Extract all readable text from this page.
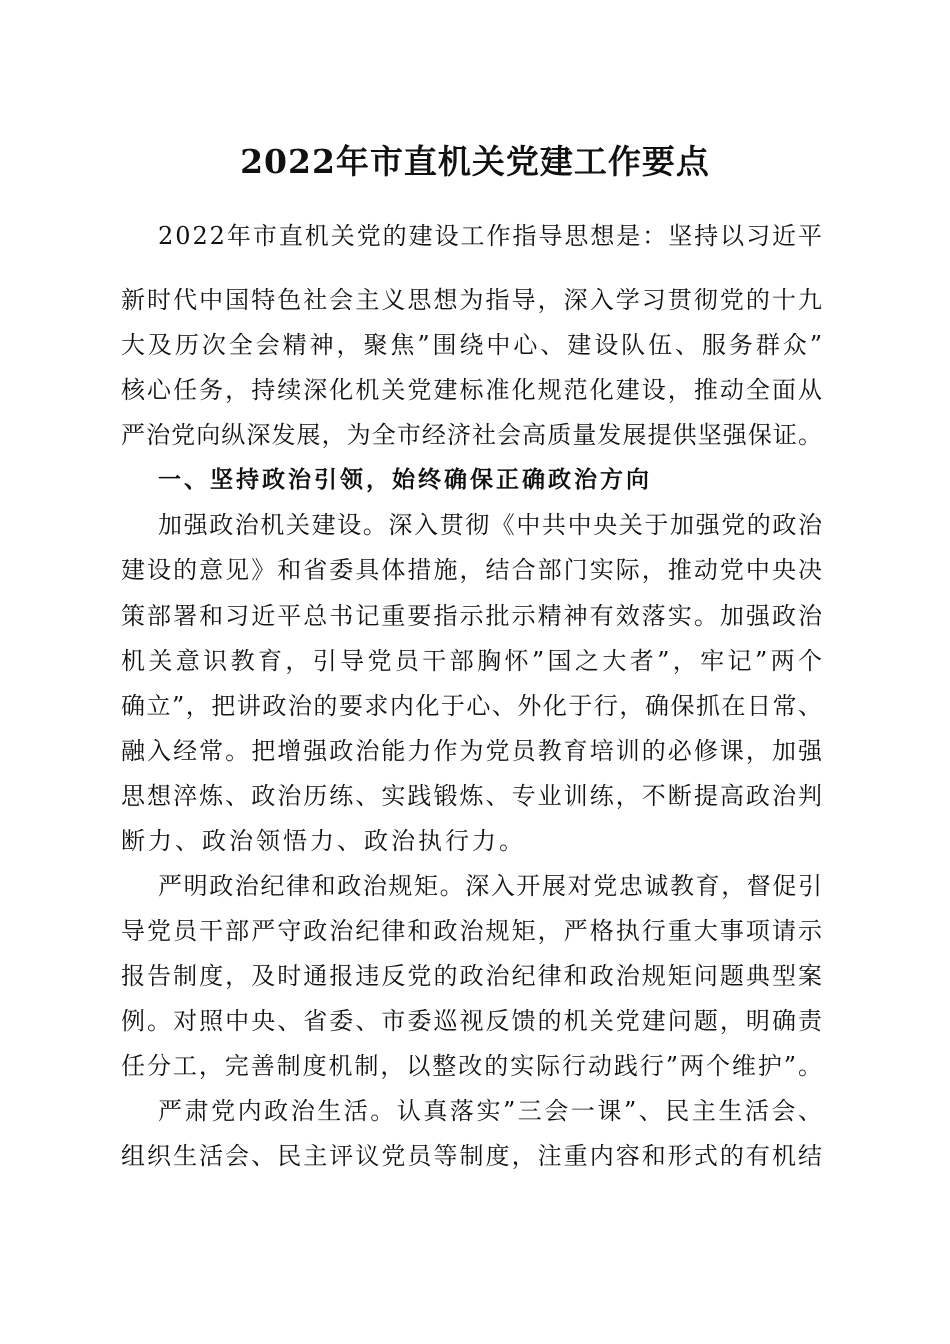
2022年市直机关党建工作要点

2022年市直机关党的建设工作指导思想是：坚持以习近平

新时代中国特色社会主义思想为指导，深入学习贯彻党的十九

大及历次全会精神，聚焦”围绕中心、建设队伍、服务群众”

核心任务，持续深化机关党建标准化规范化建设，推动全面从

严治党向纵深发展，为全市经济社会高质量发展提供坚强保证。

一、坚持政治引领，始终确保正确政治方向

加强政治机关建设。深入贯彻《中共中央关于加强党的政治

建设的意见》和省委具体措施，结合部门实际，推动党中央决

策部署和习近平总书记重要指示批示精神有效落实。加强政治

机关意识教育，引导党员干部胸怀”国之大者”，牢记”两个

确立”，把讲政治的要求内化于心、外化于行，确保抓在日常、

融入经常。把增强政治能力作为党员教育培训的必修课，加强

思想淬炼、政治历练、实践锻炼、专业训练，不断提高政治判

断力、政治领悟力、政治执行力。

严明政治纪律和政治规矩。深入开展对党忠诚教育，督促引

导党员干部严守政治纪律和政治规矩，严格执行重大事项请示

报告制度，及时通报违反党的政治纪律和政治规矩问题典型案

例。对照中央、省委、市委巡视反馈的机关党建问题，明确责

任分工，完善制度机制，以整改的实际行动践行”两个维护”。

严肃党内政治生活。认真落实”三会一课”、民主生活会、

组织生活会、民主评议党员等制度，注重内容和形式的有机结
